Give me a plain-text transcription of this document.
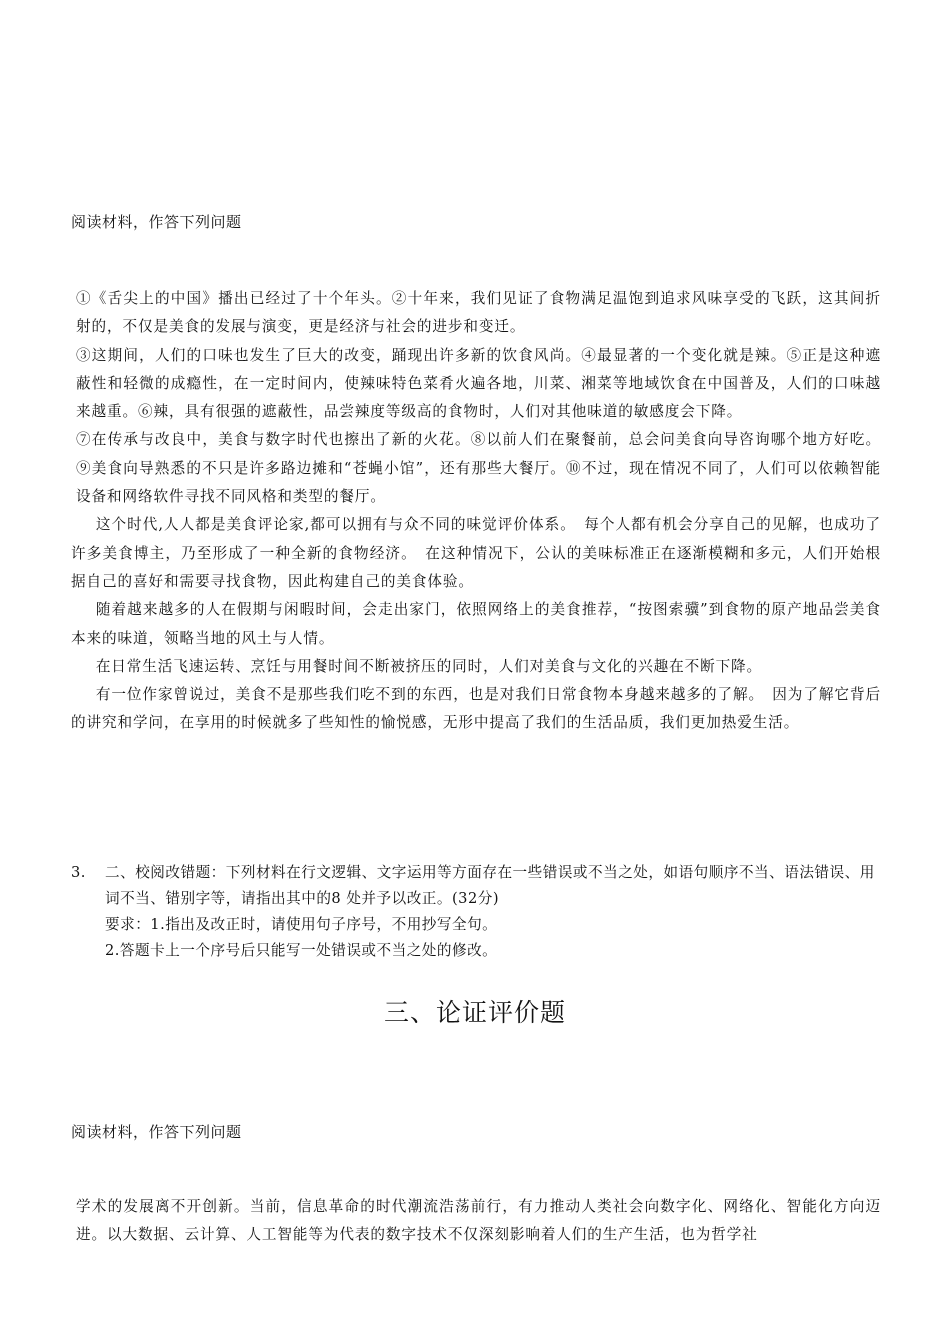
阅读材料，作答下列问题

①《舌尖上的中国》播出已经过了十个年头。②十年来，我们见证了食物满足温饱到追求风味享受的飞跃，这其间折射的，不仅是美食的发展与演变，更是经济与社会的进步和变迁。

③这期间，人们的口味也发生了巨大的改变，踊现出许多新的饮食风尚。④最显著的一个变化就是辣。⑤正是这种遮蔽性和轻微的成瘾性，在一定时间内，使辣味特色菜肴火遍各地，川菜、湘菜等地域饮食在中国普及，人们的口味越来越重。⑥辣，具有很强的遮蔽性，品尝辣度等级高的食物时，人们对其他味道的敏感度会下降。

⑦在传承与改良中，美食与数字时代也擦出了新的火花。⑧以前人们在聚餐前，总会问美食向导咨询哪个地方好吃。⑨美食向导熟悉的不只是许多路边摊和“苍蝇小馆”，还有那些大餐厅。⑩不过，现在情况不同了，人们可以依赖智能设备和网络软件寻找不同风格和类型的餐厅。

这个时代,人人都是美食评论家,都可以拥有与众不同的味觉评价体系。　每个人都有机会分享自己的见解，也成功了许多美食博主，乃至形成了一种全新的食物经济。　在这种情况下，公认的美味标准正在逐渐模糊和多元，人们开始根据自己的喜好和需要寻找食物，因此构建自己的美食体验。

随着越来越多的人在假期与闲暇时间，会走出家门，依照网络上的美食推荐，“按图索骥”到食物的原产地品尝美食本来的味道，领略当地的风土与人情。

在日常生活飞速运转、烹饪与用餐时间不断被挤压的同时，人们对美食与文化的兴趣在不断下降。

有一位作家曾说过，美食不是那些我们吃不到的东西，也是对我们日常食物本身越来越多的了解。　因为了解它背后的讲究和学问，在享用的时候就多了些知性的愉悦感，无形中提高了我们的生活品质，我们更加热爱生活。

3.	二、校阅改错题：下列材料在行文逻辑、文字运用等方面存在一些错误或不当之处，如语句顺序不当、语法错误、用词不当、错别字等，请指出其中的8 处并予以改正。(32分)
要求：1.指出及改正时，请使用句子序号，不用抄写全句。
2.答题卡上一个序号后只能写一处错误或不当之处的修改。
三、论证评价题
阅读材料，作答下列问题

学术的发展离不开创新。当前，信息革命的时代潮流浩荡前行，有力推动人类社会向数字化、网络化、智能化方向迈进。以大数据、云计算、人工智能等为代表的数字技术不仅深刻影响着人们的生产生活，也为哲学社
